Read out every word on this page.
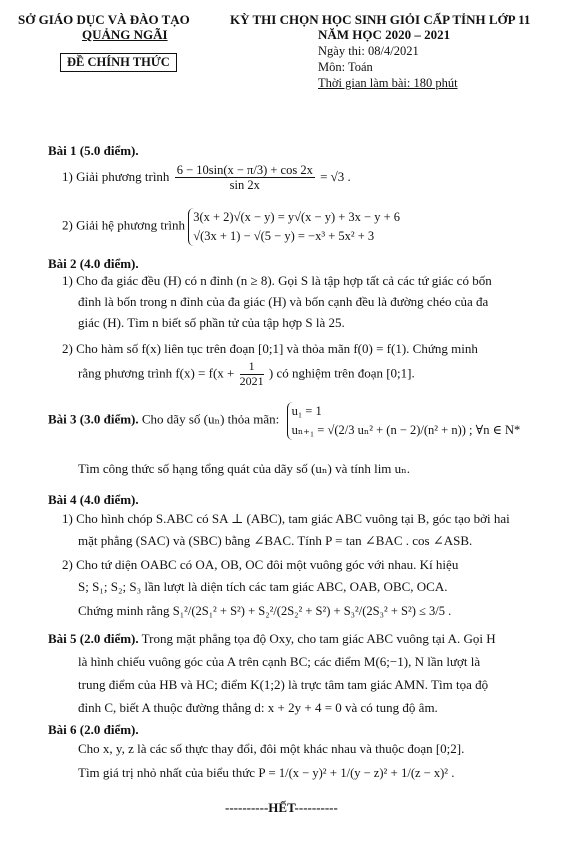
SỞ GIÁO DỤC VÀ ĐÀO TẠO
QUẢNG NGÃI
ĐỀ CHÍNH THỨC
KỲ THI CHỌN HỌC SINH GIỎI CẤP TỈNH LỚP 11
NĂM HỌC 2020 – 2021
Ngày thi: 08/4/2021
Môn: Toán
Thời gian làm bài: 180 phút
Bài 1 (5.0 điểm).
1) Giải phương trình $\frac{6 - 10\sin(x - \pi/3) + \cos 2x}{\sin 2x} = √3$ .
2) Giải hệ phương trình
3(x + 2)√(x − y) = y√(x − y) + 3x − y + 6
√(3x + 1) − √(5 − y) = −x³ + 5x² + 3
Bài 2 (4.0 điểm).
1) Cho đa giác đều (H) có n đỉnh (n ≥ 8). Gọi S là tập hợp tất cả các tứ giác có bốn
đỉnh là bốn trong n đỉnh của đa giác (H) và bốn cạnh đều là đường chéo của đa
giác (H). Tìm n biết số phần tử của tập hợp S là 25.
2) Cho hàm số f(x) liên tục trên đoạn [0;1] và thỏa mãn f(0) = f(1). Chứng minh
rằng phương trình $f(x) = f(x + \frac{1}{2021}$ ) có nghiệm trên đoạn [0;1].
Bài 3 (3.0 điểm). Cho dãy số (uₙ) thỏa mãn:
u₁ = 1
uₙ₊₁ = √(2/3 uₙ² + (n − 2)/(n² + n)) ; ∀n ∈ N*
Tìm công thức số hạng tổng quát của dãy số (uₙ) và tính lim uₙ.
Bài 4 (4.0 điểm).
1) Cho hình chóp S.ABC có SA ⊥ (ABC), tam giác ABC vuông tại B, góc tạo bởi hai
mặt phẳng (SAC) và (SBC) bằng ∠BAC. Tính P = tan ∠BAC . cos ∠ASB.
2) Cho tứ diện OABC có OA, OB, OC đôi một vuông góc với nhau. Kí hiệu
S; S₁; S₂; S₃ lần lượt là diện tích các tam giác ABC, OAB, OBC, OCA.
Chứng minh rằng S₁²/(2S₁² + S²) + S₂²/(2S₂² + S²) + S₃²/(2S₃² + S²) ≤ 3/5 .
Bài 5 (2.0 điểm). Trong mặt phẳng tọa độ Oxy, cho tam giác ABC vuông tại A. Gọi H
là hình chiếu vuông góc của A trên cạnh BC; các điểm M(6;−1), N lần lượt là
trung điểm của HB và HC; điểm K(1;2) là trực tâm tam giác AMN. Tìm tọa độ
đỉnh C, biết A thuộc đường thẳng d: x + 2y + 4 = 0 và có tung độ âm.
Bài 6 (2.0 điểm).
Cho x, y, z là các số thực thay đổi, đôi một khác nhau và thuộc đoạn [0;2].
Tìm giá trị nhỏ nhất của biểu thức P = 1/(x − y)² + 1/(y − z)² + 1/(z − x)² .
----------HẾT----------
